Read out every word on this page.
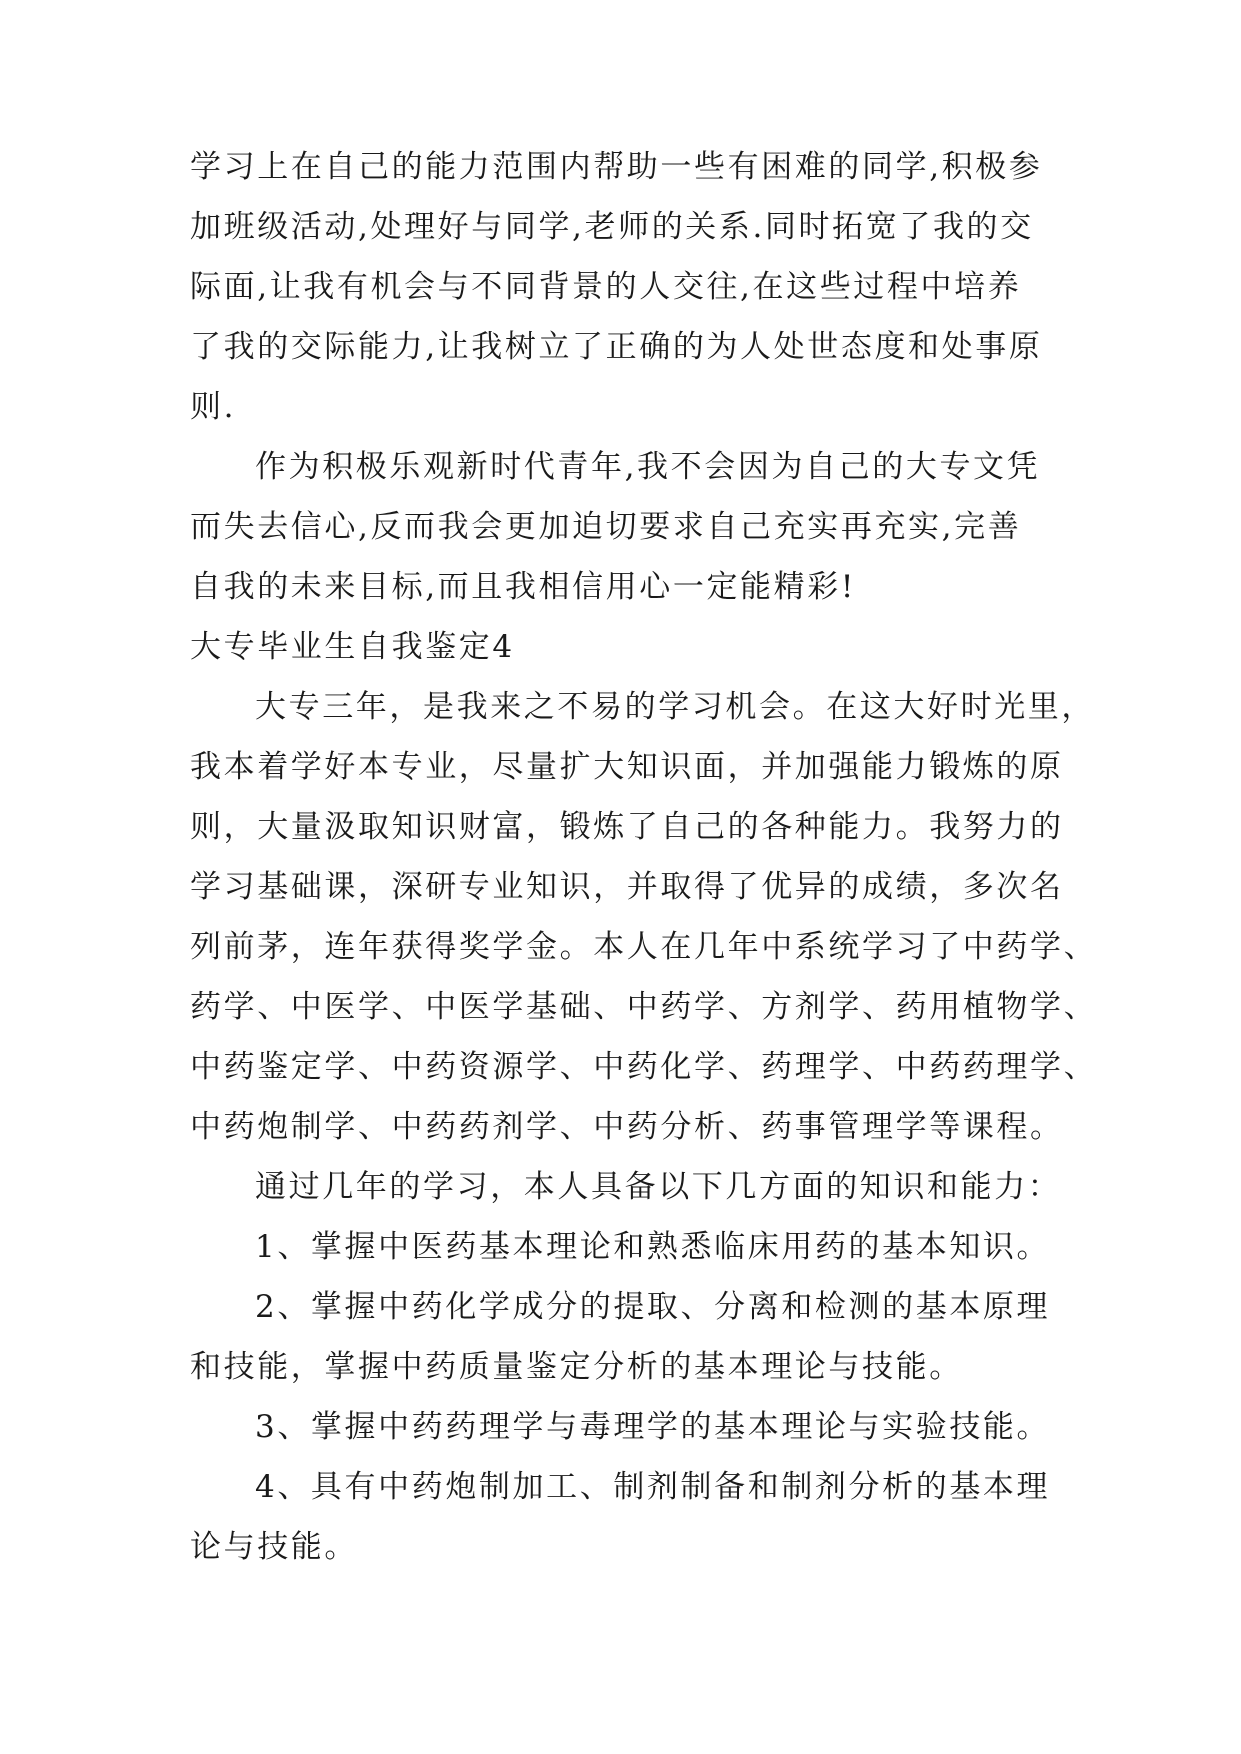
学习上在自己的能力范围内帮助一些有困难的同学,积极参
加班级活动,处理好与同学,老师的关系.同时拓宽了我的交
际面,让我有机会与不同背景的人交往,在这些过程中培养
了我的交际能力,让我树立了正确的为人处世态度和处事原
则.
作为积极乐观新时代青年,我不会因为自己的大专文凭
而失去信心,反而我会更加迫切要求自己充实再充实,完善
自我的未来目标,而且我相信用心一定能精彩!
大专毕业生自我鉴定4
大专三年，是我来之不易的学习机会。在这大好时光里，
我本着学好本专业，尽量扩大知识面，并加强能力锻炼的原
则，大量汲取知识财富，锻炼了自己的各种能力。我努力的
学习基础课，深研专业知识，并取得了优异的成绩，多次名
列前茅，连年获得奖学金。本人在几年中系统学习了中药学、
药学、中医学、中医学基础、中药学、方剂学、药用植物学、
中药鉴定学、中药资源学、中药化学、药理学、中药药理学、
中药炮制学、中药药剂学、中药分析、药事管理学等课程。
通过几年的学习，本人具备以下几方面的知识和能力：
1、掌握中医药基本理论和熟悉临床用药的基本知识。
2、掌握中药化学成分的提取、分离和检测的基本原理
和技能，掌握中药质量鉴定分析的基本理论与技能。
3、掌握中药药理学与毒理学的基本理论与实验技能。
4、具有中药炮制加工、制剂制备和制剂分析的基本理
论与技能。
